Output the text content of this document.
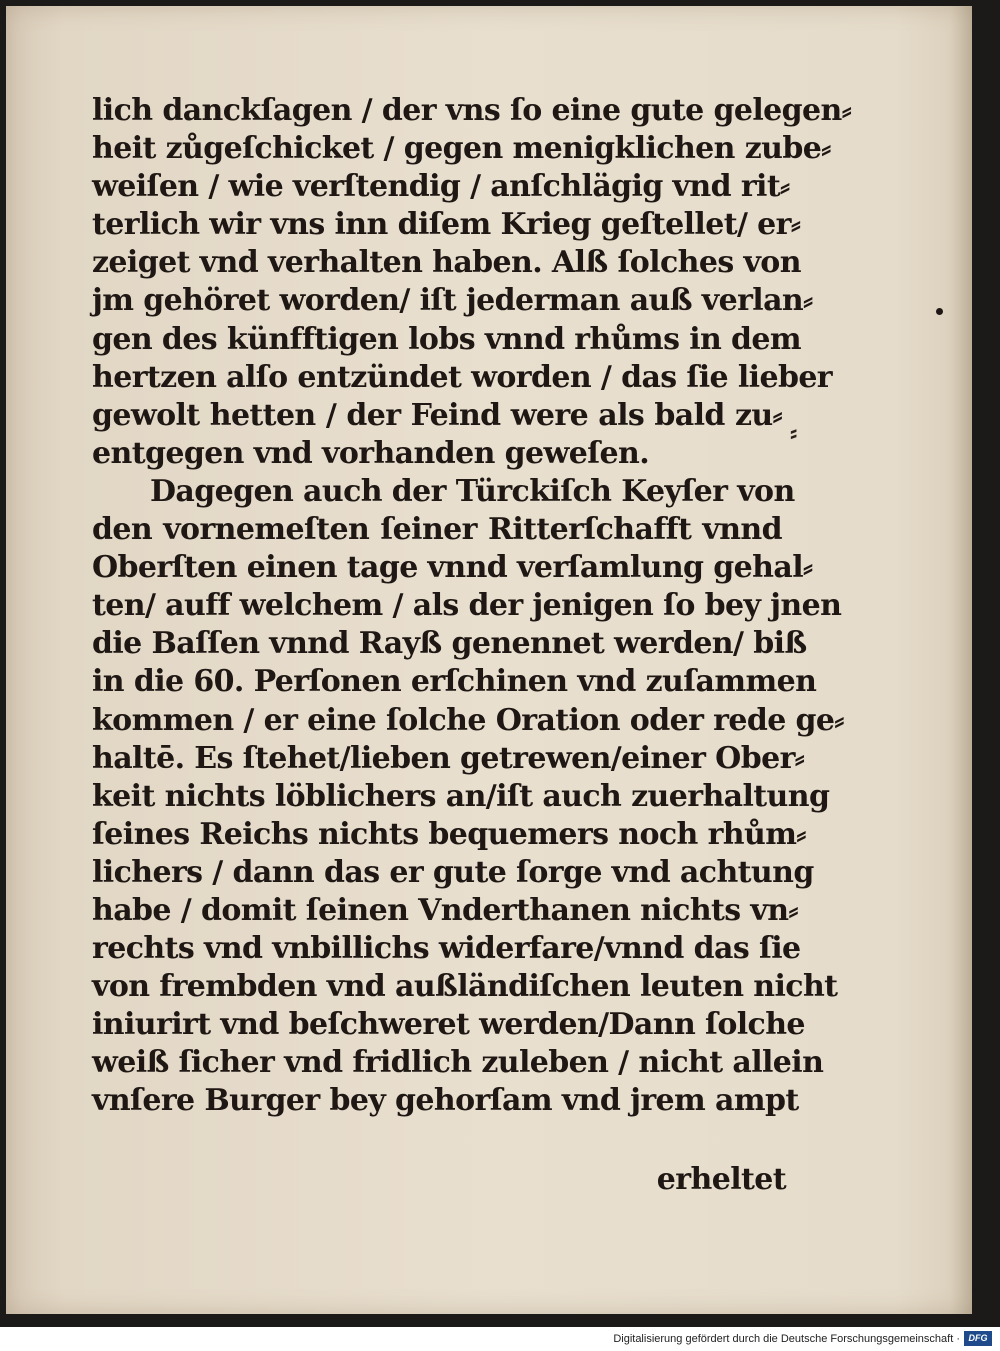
lich danckſagen / der vns ſo eine gute gelegen⸗
heit zůgeſchicket / gegen menigklichen zube⸗
weiſen / wie verſtendig / anſchlägig vnd rit⸗
terlich wir vns inn diſem Krieg geſtellet/ er⸗
zeiget vnd verhalten haben. Alß ſolches von
jm gehöret worden/ iſt jederman auß verlan⸗
gen des künfftigen lobs vnnd rhůms in dem
hertzen alſo entzündet worden / das ſie lieber
gewolt hetten / der Feind were als bald zu⸗
entgegen vnd vorhanden geweſen.
Dagegen auch der Türckiſch Keyſer von
den vornemeſten ſeiner Ritterſchafft vnnd
Oberſten einen tage vnnd verſamlung gehal⸗
ten/ auff welchem / als der jenigen ſo bey jnen
die Baſſen vnnd Rayß genennet werden/ biß
in die 60. Perſonen erſchinen vnd zuſammen
kommen / er eine ſolche Oration oder rede ge⸗
haltē. Es ſtehet/lieben getrewen/einer Ober⸗
keit nichts löblichers an/iſt auch zuerhaltung
ſeines Reichs nichts bequemers noch rhům⸗
lichers / dann das er gute ſorge vnd achtung
habe / domit ſeinen Vnderthanen nichts vn⸗
rechts vnd vnbillichs widerfare/vnnd das ſie
von frembden vnd außländiſchen leuten nicht
iniurirt vnd beſchweret werden/Dann ſolche
weiß ſicher vnd fridlich zuleben / nicht allein
vnſere Burger bey gehorſam vnd jrem ampt
erheltet
⸗
Digitalisierung gefördert durch die Deutsche Forschungsgemeinschaft · DFG
